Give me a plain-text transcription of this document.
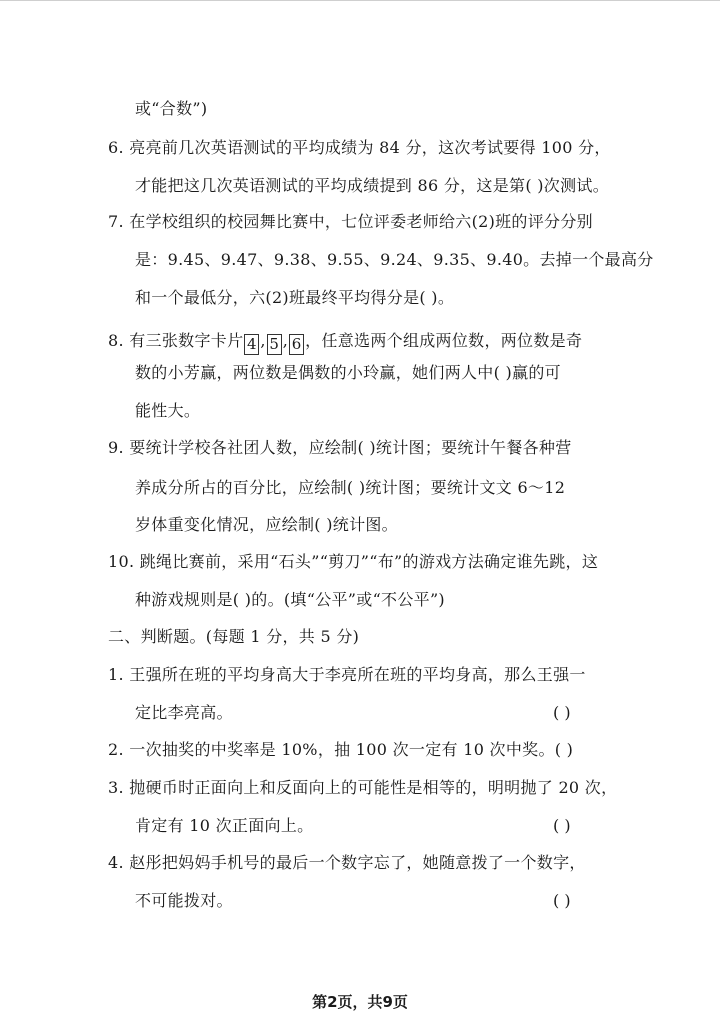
或“合数”)
6. 亮亮前几次英语测试的平均成绩为 84 分，这次考试要得 100 分，
才能把这几次英语测试的平均成绩提到 86 分，这是第( )次测试。
7. 在学校组织的校园舞比赛中，七位评委老师给六(2)班的评分分别
是：9.45、9.47、9.38、9.55、9.24、9.35、9.40。去掉一个最高分
和一个最低分，六(2)班最终平均得分是( )。
8. 有三张数字卡片 4 , 5 , 6 ，任意选两个组成两位数，两位数是奇
数的小芳赢，两位数是偶数的小玲赢，她们两人中( )赢的可
能性大。
9. 要统计学校各社团人数，应绘制( )统计图；要统计午餐各种营
养成分所占的百分比，应绘制( )统计图；要统计文文 6～12
岁体重变化情况，应绘制( )统计图。
10. 跳绳比赛前，采用“石头”“剪刀”“布”的游戏方法确定谁先跳，这
种游戏规则是( )的。(填“公平”或“不公平”)
二、判断题。(每题 1 分，共 5 分)
1. 王强所在班的平均身高大于李亮所在班的平均身高，那么王强一
定比李亮高。	( )
2. 一次抽奖的中奖率是 10%，抽 100 次一定有 10 次中奖。( )
3. 抛硬币时正面向上和反面向上的可能性是相等的，明明抛了 20 次，
肯定有 10 次正面向上。	( )
4. 赵彤把妈妈手机号的最后一个数字忘了，她随意拨了一个数字，
不可能拨对。	( )
第2页，共9页
